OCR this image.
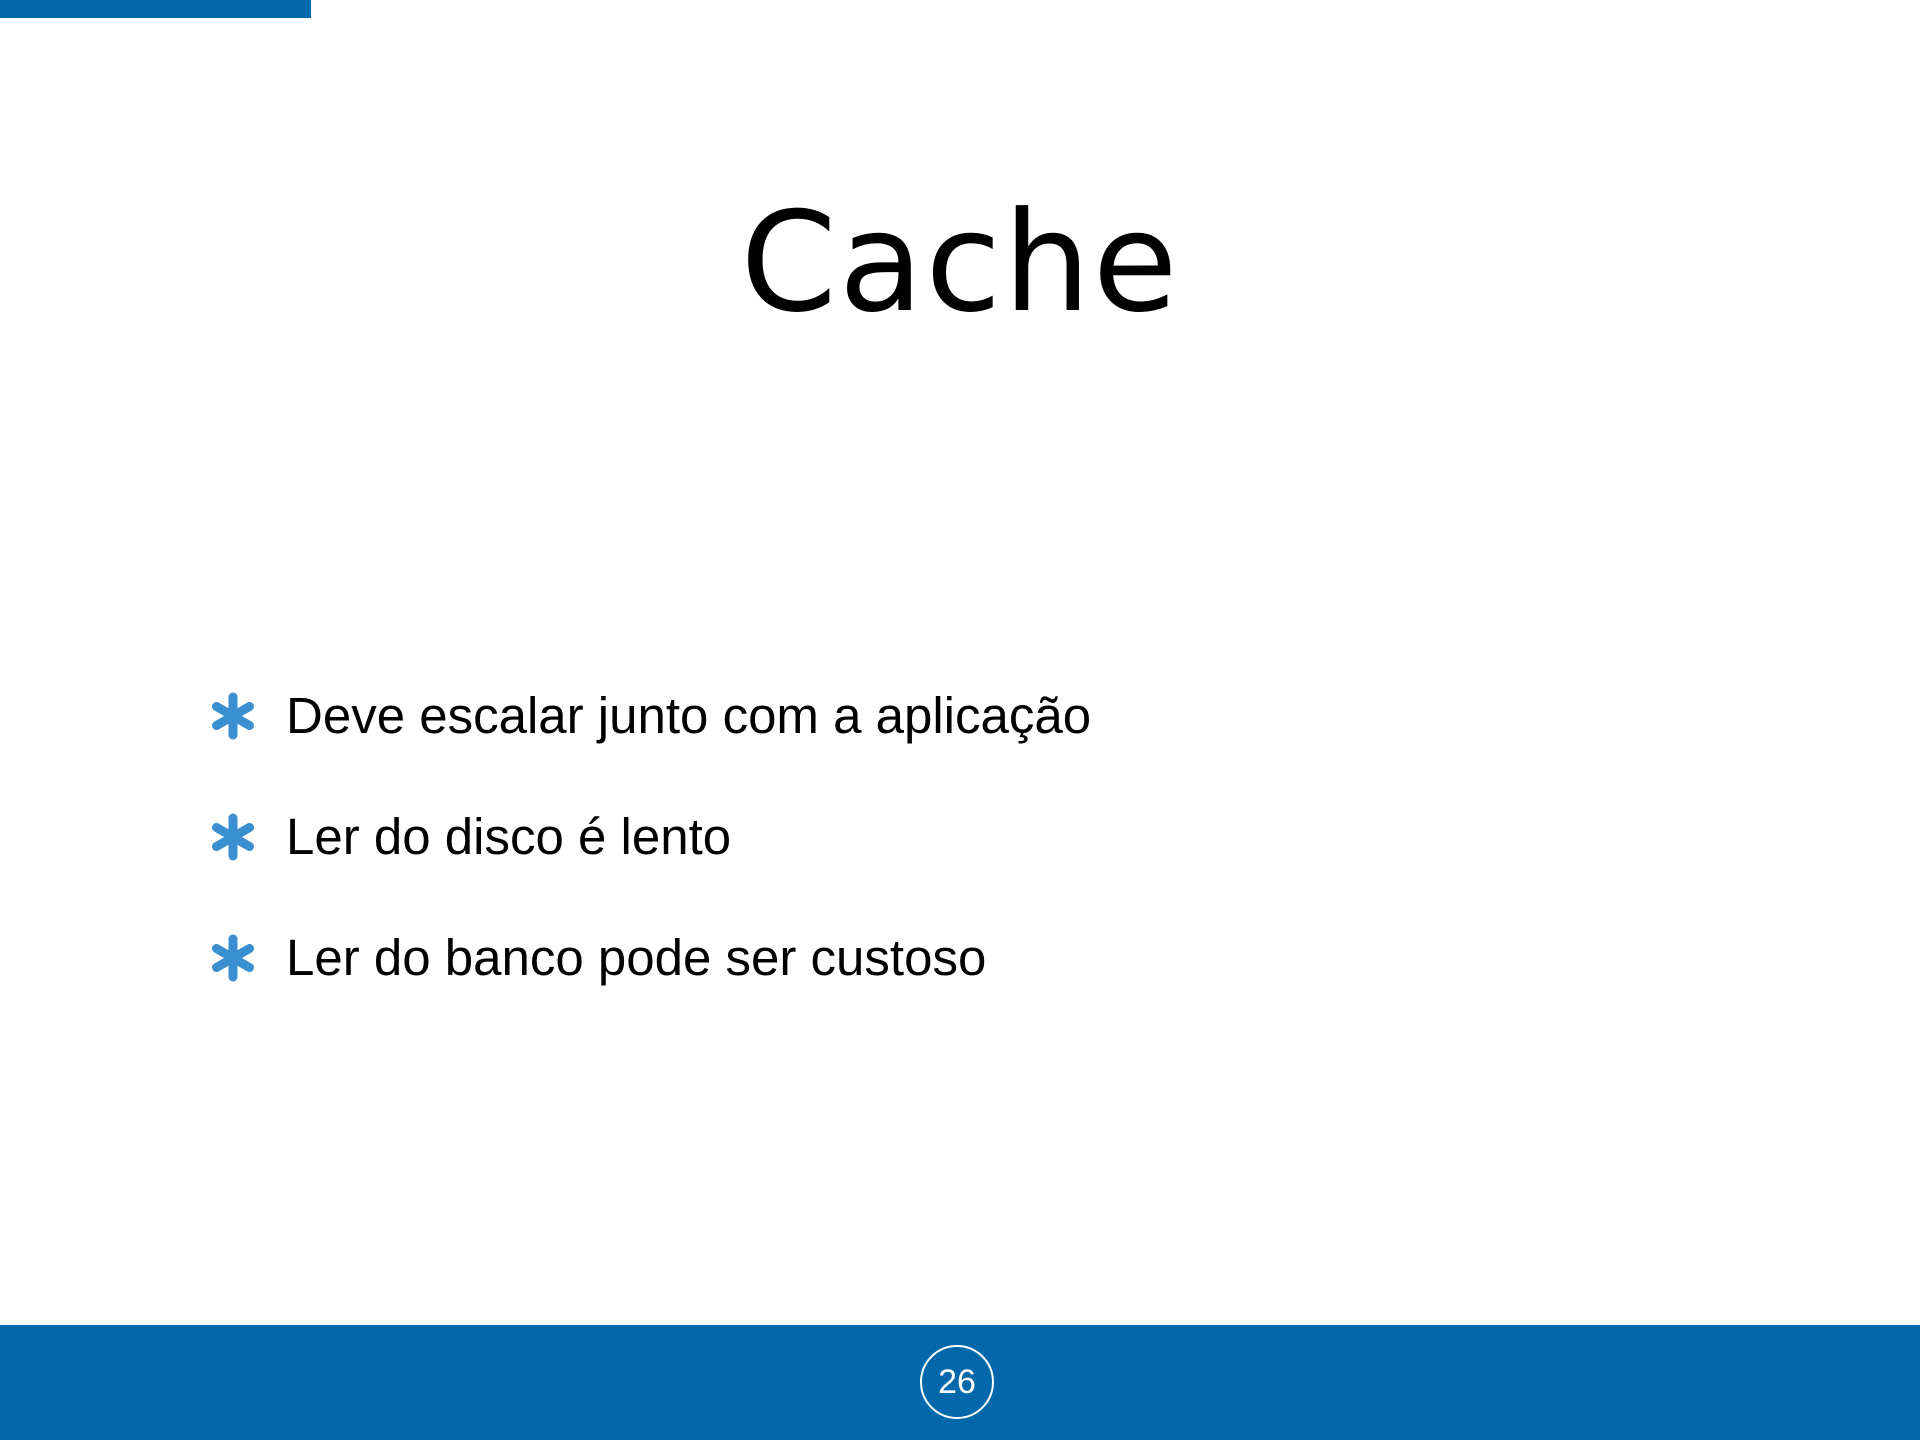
Cache
Deve escalar junto com a aplicação
Ler do disco é lento
Ler do banco pode ser custoso
26
